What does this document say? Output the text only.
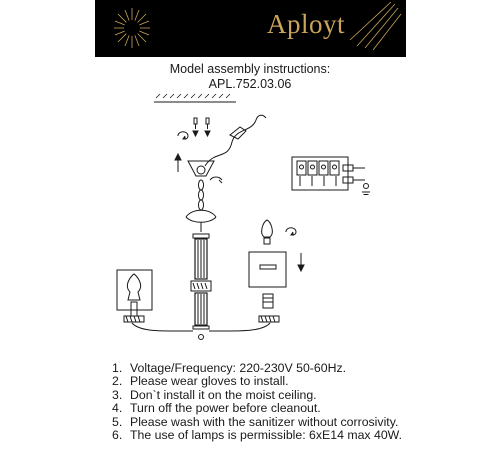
Aployt
Model assembly instructions:
APL.752.03.06
1. Voltage/Frequency: 220-230V 50-60Hz.
2. Please wear gloves to install.
3. Don`t install it on the moist ceiling.
4. Turn off the power before cleanout.
5. Please wash with the sanitizer without corrosivity.
6. The use of lamps is permissible: 6xE14 max 40W.
